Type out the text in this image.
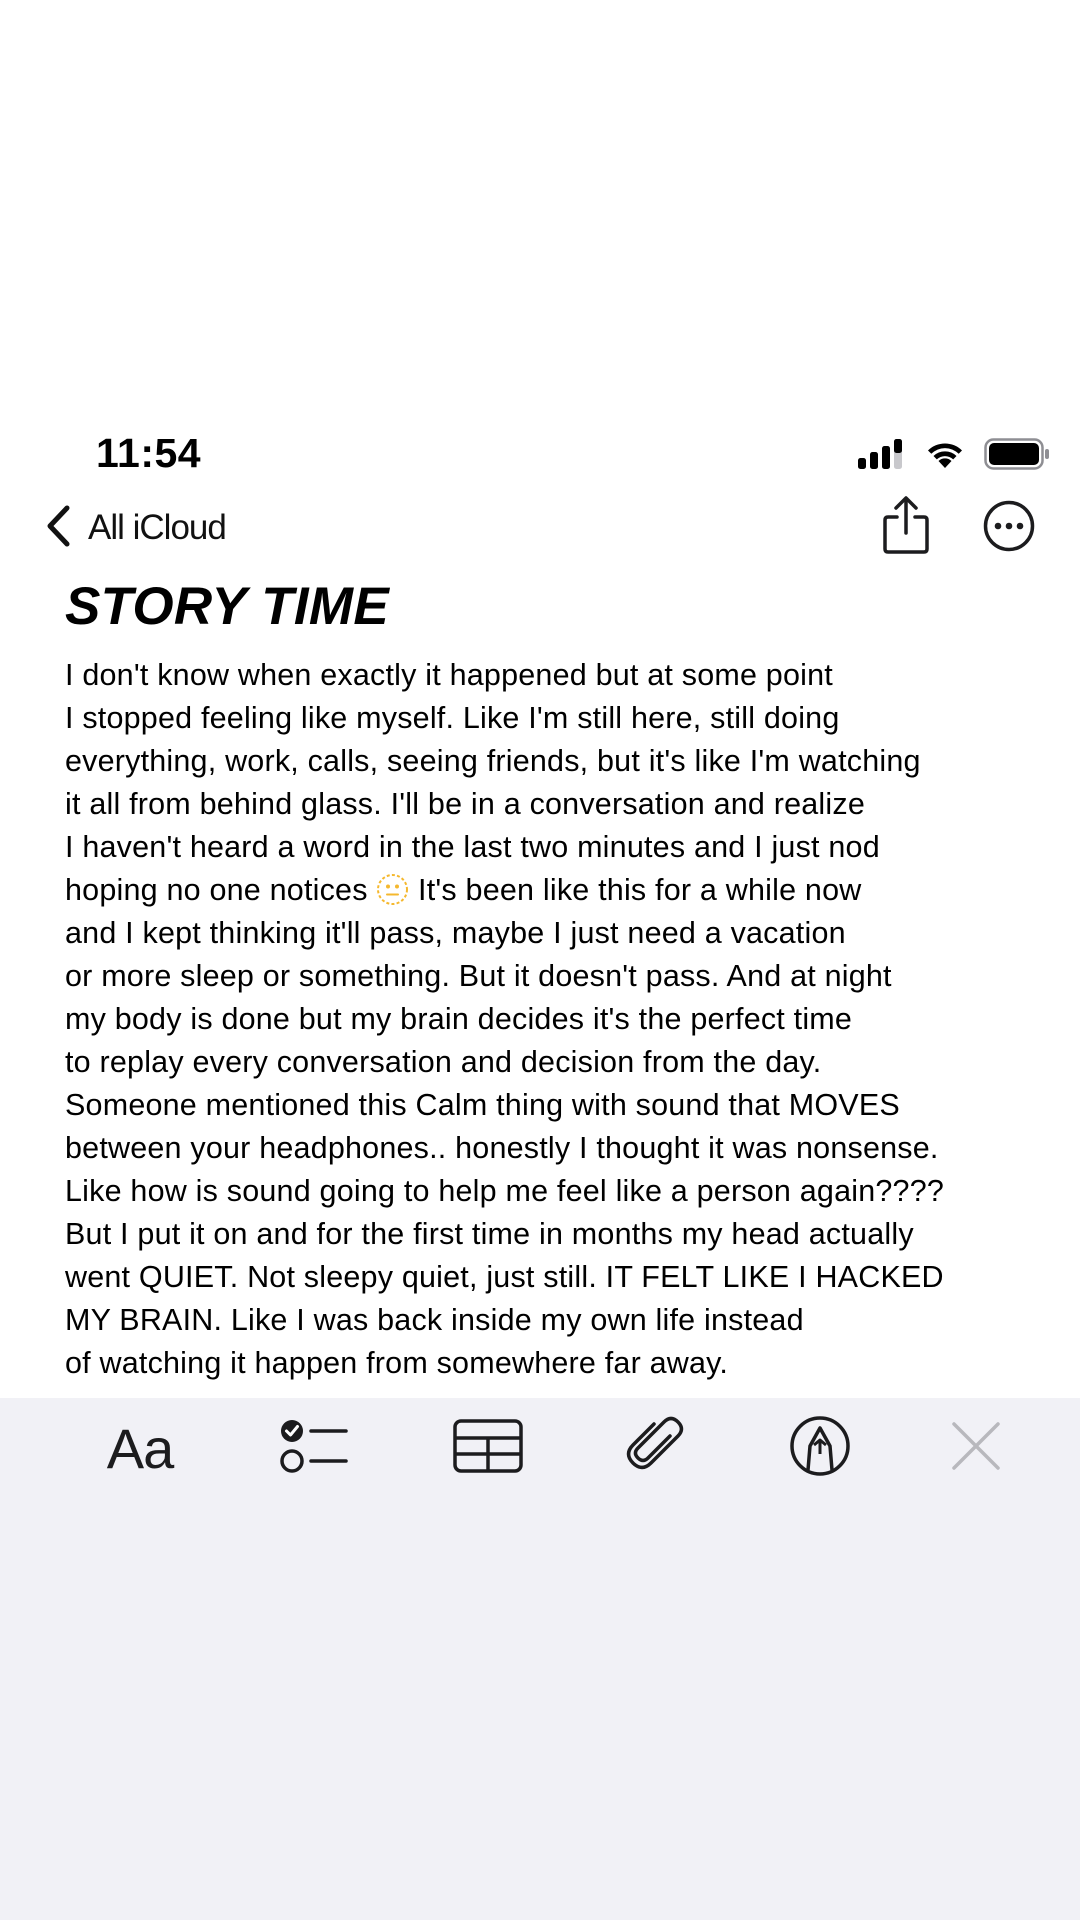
11:54
All iCloud
STORY TIME
I don't know when exactly it happened but at some point
I stopped feeling like myself. Like I'm still here, still doing
everything, work, calls, seeing friends, but it's like I'm watching
it all from behind glass. I'll be in a conversation and realize
I haven't heard a word in the last two minutes and I just nod
hoping no one notices It's been like this for a while now
and I kept thinking it'll pass, maybe I just need a vacation
or more sleep or something. But it doesn't pass. And at night
my body is done but my brain decides it's the perfect time
to replay every conversation and decision from the day.
Someone mentioned this Calm thing with sound that MOVES
between your headphones.. honestly I thought it was nonsense.
Like how is sound going to help me feel like a person again????
But I put it on and for the first time in months my head actually
went QUIET. Not sleepy quiet, just still. IT FELT LIKE I HACKED
MY BRAIN. Like I was back inside my own life instead
of watching it happen from somewhere far away.
Aa
